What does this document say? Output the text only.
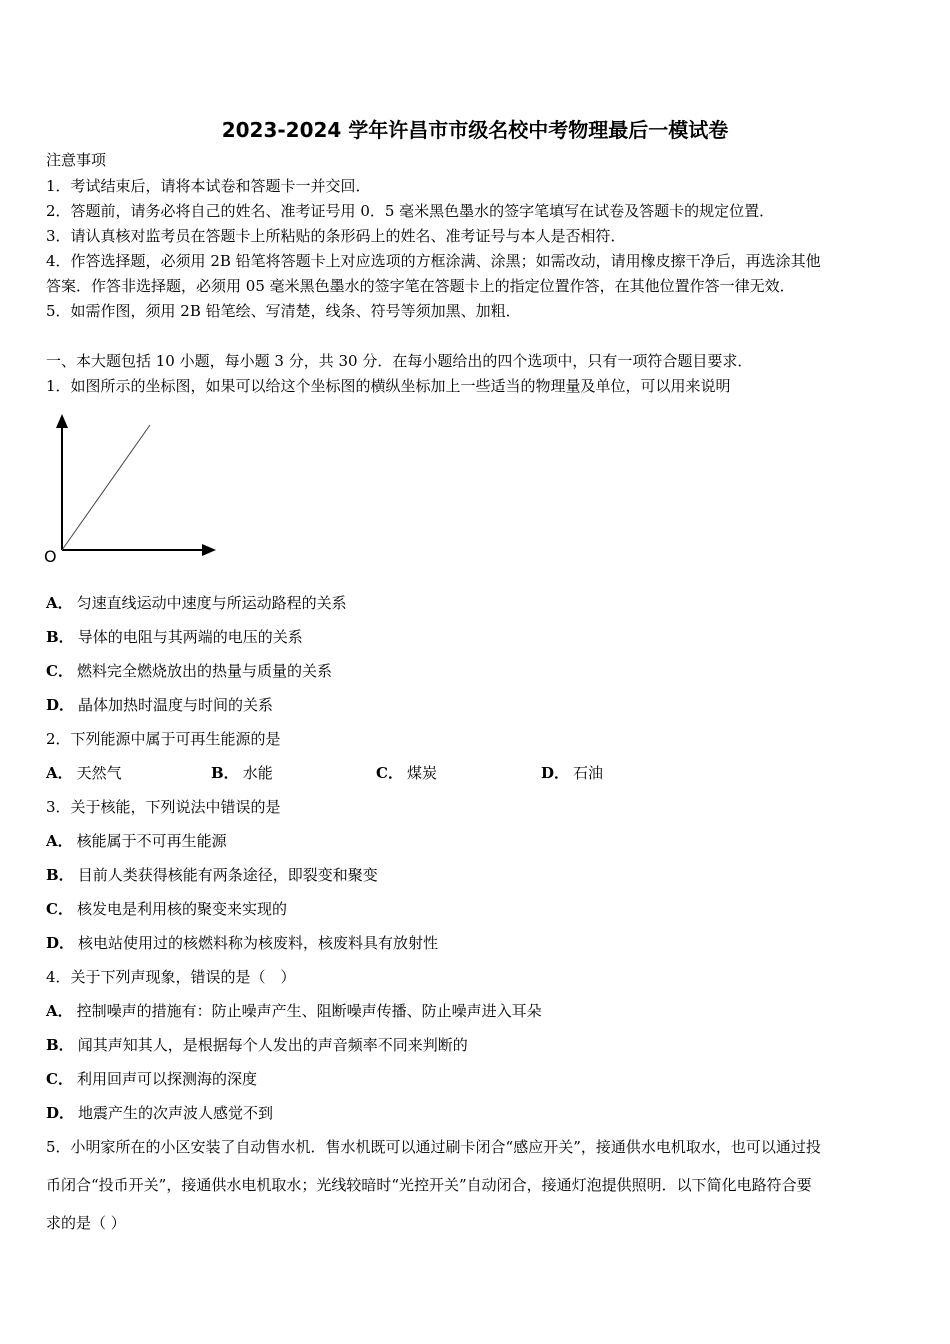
2023-2024 学年许昌市市级名校中考物理最后一模试卷
注意事项
1．考试结束后，请将本试卷和答题卡一并交回．
2．答题前，请务必将自己的姓名、准考证号用 0．5 毫米黑色墨水的签字笔填写在试卷及答题卡的规定位置．
3．请认真核对监考员在答题卡上所粘贴的条形码上的姓名、准考证号与本人是否相符．
4．作答选择题，必须用 2B 铅笔将答题卡上对应选项的方框涂满、涂黑；如需改动，请用橡皮擦干净后，再选涂其他
答案．作答非选择题，必须用 05 毫米黑色墨水的签字笔在答题卡上的指定位置作答，在其他位置作答一律无效．
5．如需作图，须用 2B 铅笔绘、写清楚，线条、符号等须加黑、加粗．
一、本大题包括 10 小题，每小题 3 分，共 30 分．在每小题给出的四个选项中，只有一项符合题目要求．
1．如图所示的坐标图，如果可以给这个坐标图的横纵坐标加上一些适当的物理量及单位，可以用来说明
O
A． 匀速直线运动中速度与所运动路程的关系
B． 导体的电阻与其两端的电压的关系
C． 燃料完全燃烧放出的热量与质量的关系
D． 晶体加热时温度与时间的关系
2．下列能源中属于可再生能源的是
A． 天然气	B． 水能	C． 煤炭	D． 石油
3．关于核能，下列说法中错误的是
A． 核能属于不可再生能源
B． 目前人类获得核能有两条途径，即裂变和聚变
C． 核发电是利用核的聚变来实现的
D． 核电站使用过的核燃料称为核废料，核废料具有放射性
4．关于下列声现象，错误的是（　）
A． 控制噪声的措施有：防止噪声产生、阻断噪声传播、防止噪声进入耳朵
B． 闻其声知其人，是根据每个人发出的声音频率不同来判断的
C． 利用回声可以探测海的深度
D． 地震产生的次声波人感觉不到
5．小明家所在的小区安装了自动售水机．售水机既可以通过刷卡闭合“感应开关”，接通供水电机取水，也可以通过投
币闭合“投币开关”，接通供水电机取水；光线较暗时“光控开关”自动闭合，接通灯泡提供照明．以下简化电路符合要
求的是（ ）
